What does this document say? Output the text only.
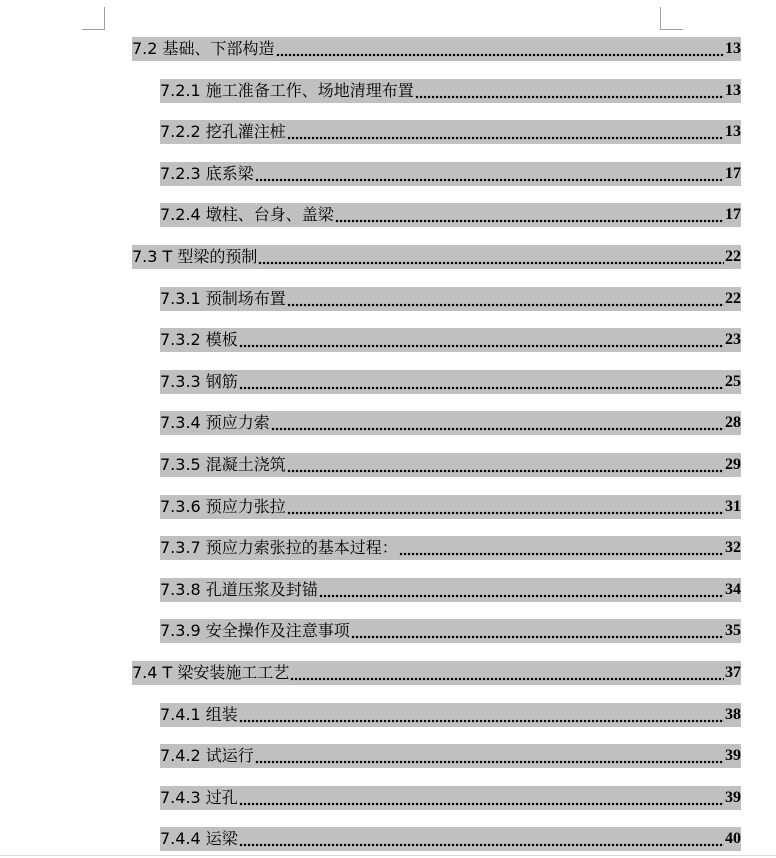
7.2 基础、下部构造	13
7.2.1 施工准备工作、场地清理布置	13
7.2.2 挖孔灌注桩	13
7.2.3 底系梁	17
7.2.4 墩柱、台身、盖梁	17
7.3 T 型梁的预制	22
7.3.1 预制场布置	22
7.3.2 模板	23
7.3.3 钢筋	25
7.3.4 预应力索	28
7.3.5 混凝土浇筑	29
7.3.6 预应力张拉	31
7.3.7 预应力索张拉的基本过程：	32
7.3.8 孔道压浆及封锚	34
7.3.9 安全操作及注意事项	35
7.4 T 梁安装施工工艺	37
7.4.1 组装	38
7.4.2 试运行	39
7.4.3 过孔	39
7.4.4 运梁	40
